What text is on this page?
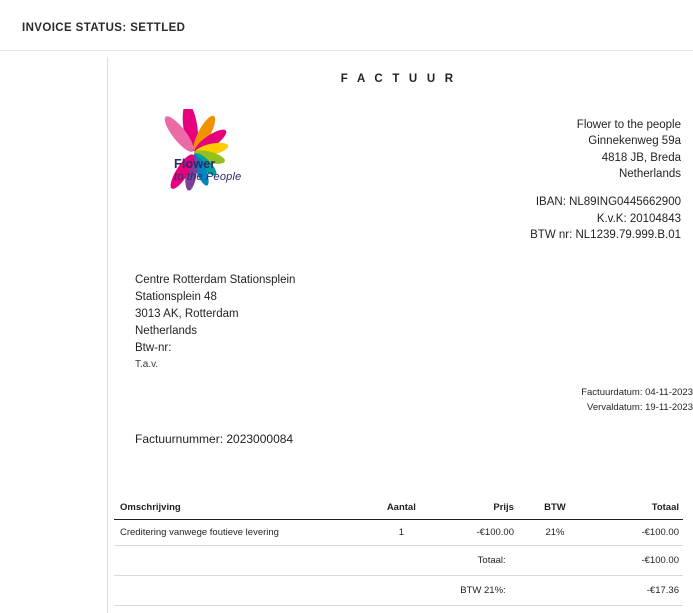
INVOICE STATUS: SETTLED
F A C T U U R
Flower
to the People
Flower to the people
Ginnekenweg 59a
4818 JB, Breda
Netherlands
IBAN: NL89ING0445662900
K.v.K: 20104843
BTW nr: NL1239.79.999.B.01
Centre Rotterdam Stationsplein
Stationsplein 48
3013 AK, Rotterdam
Netherlands
Btw-nr:
T.a.v.
Factuurdatum: 04-11-2023
Vervaldatum: 19-11-2023
Factuurnummer: 2023000084
Omschrijving	Aantal	Prijs	BTW	Totaal
Creditering vanwege foutieve levering	1	-€100.00	21%	-€100.00
Totaal:	-€100.00
BTW 21%:	-€17.36
